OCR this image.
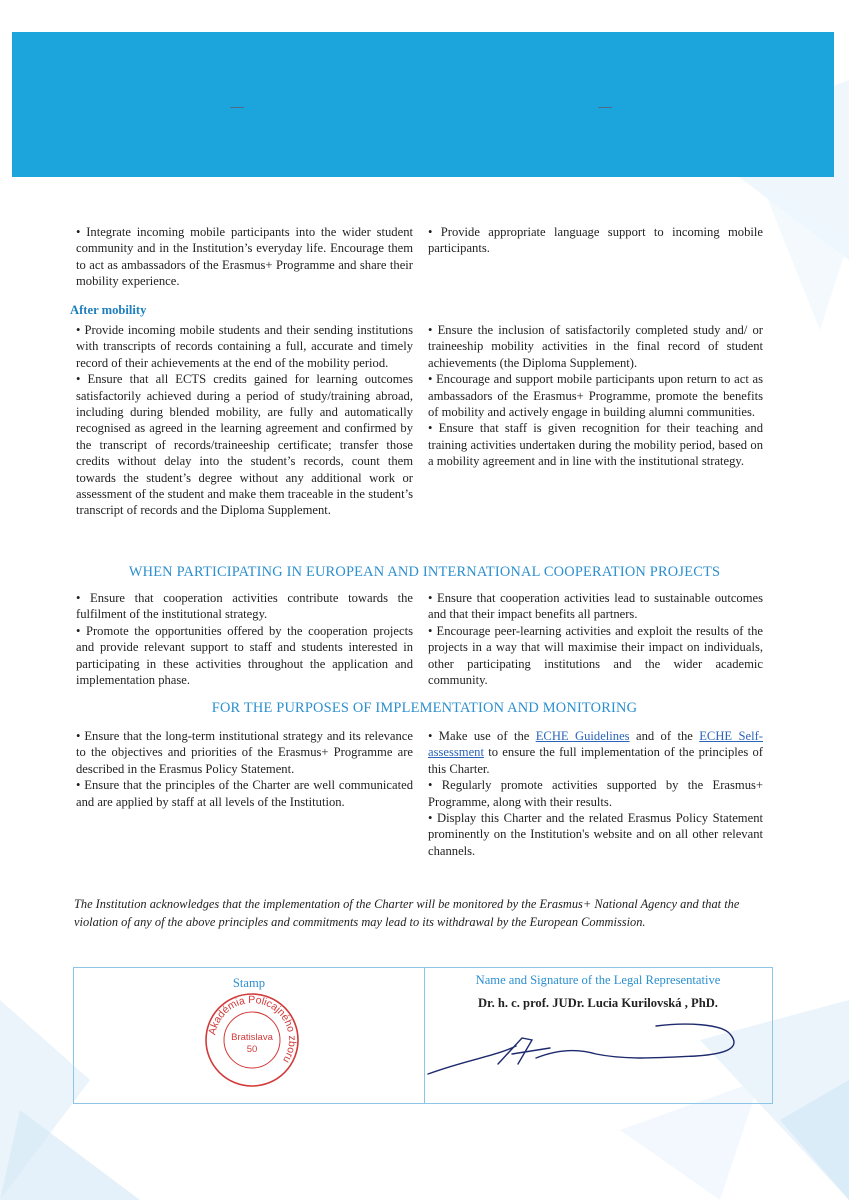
• Integrate incoming mobile participants into the wider student community and in the Institution’s everyday life. Encourage them to act as ambassadors of the Erasmus+ Programme and share their mobility experience.

• Provide appropriate language support to incoming mobile participants.

After mobility

• Provide incoming mobile students and their sending institutions with transcripts of records containing a full, accurate and timely record of their achievements at the end of the mobility period.

• Ensure that all ECTS credits gained for learning outcomes satisfactorily achieved during a period of study/training abroad, including during blended mobility, are fully and automatically recognised as agreed in the learning agreement and confirmed by the transcript of records/traineeship certificate; transfer those credits without delay into the student’s records, count them towards the student’s degree without any additional work or assessment of the student and make them traceable in the student’s transcript of records and the Diploma Supplement.

• Ensure the inclusion of satisfactorily completed study and/ or traineeship mobility activities in the final record of student achievements (the Diploma Supplement).

• Encourage and support mobile participants upon return to act as ambassadors of the Erasmus+ Programme, promote the benefits of mobility and actively engage in building alumni communities.

• Ensure that staff is given recognition for their teaching and training activities undertaken during the mobility period, based on a mobility agreement and in line with the institutional strategy.

WHEN PARTICIPATING IN EUROPEAN AND INTERNATIONAL COOPERATION PROJECTS

• Ensure that cooperation activities contribute towards the fulfilment of the institutional strategy.

• Promote the opportunities offered by the cooperation projects and provide relevant support to staff and students interested in participating in these activities throughout the application and implementation phase.

• Ensure that cooperation activities lead to sustainable outcomes and that their impact benefits all partners.

• Encourage peer-learning activities and exploit the results of the projects in a way that will maximise their impact on individuals, other participating institutions and the wider academic community.

FOR THE PURPOSES OF IMPLEMENTATION AND MONITORING

• Ensure that the long-term institutional strategy and its relevance to the objectives and priorities of the Erasmus+ Programme are described in the Erasmus Policy Statement.

• Ensure that the principles of the Charter are well communicated and are applied by staff at all levels of the Institution.

• Make use of the ECHE Guidelines and of the ECHE Self-assessment to ensure the full implementation of the principles of this Charter.

• Regularly promote activities supported by the Erasmus+ Programme, along with their results.

• Display this Charter and the related Erasmus Policy Statement prominently on the Institution's website and on all other relevant channels.

The Institution acknowledges that the implementation of the Charter will be monitored by the Erasmus+ National Agency and that the violation of any of the above principles and commitments may lead to its withdrawal by the European Commission.
Stamp	Name and Signature of the Legal Representative
Dr. h. c. prof. JUDr. Lucia Kurilovská , PhD.
Akadémia Policajného zboru
Bratislava
50
